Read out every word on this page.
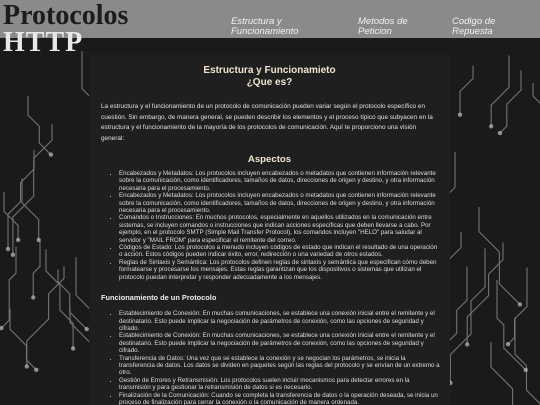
Protocolos
HTTP
Estructura y
Funcionamiento
Metodos de
Peticion
Codigo de
Repuesta
Estructura y Funcionamieto
¿Que es?

La estructura y el funcionamiento de un protocolo de comunicación pueden variar según el protocolo específico en cuestión. Sin embargo, de manera general, se pueden describir los elementos y el proceso típico que subyacen en la estructura y el funcionamiento de la mayoría de los protocolos de comunicación. Aquí te proporciono una visión general:

Aspectos
• Encabezados y Metadatos: Los protocolos incluyen encabezados o metadatos que contienen información relevante sobre la comunicación, como identificadores, tamaños de datos, direcciones de origen y destino, y otra información necesaria para el procesamiento.
• Encabezados y Metadatos: Los protocolos incluyen encabezados o metadatos que contienen información relevante sobre la comunicación, como identificadores, tamaños de datos, direcciones de origen y destino, y otra información necesaria para el procesamiento.
• Comandos o Instrucciones: En muchos protocolos, especialmente en aquellos utilizados en la comunicación entre sistemas, se incluyen comandos o instrucciones que indican acciones específicas que deben llevarse a cabo. Por ejemplo, en el protocolo SMTP (Simple Mail Transfer Protocol), los comandos incluyen "HELO" para saludar al servidor y "MAIL FROM" para especificar el remitente del correo.
• Códigos de Estado: Los protocolos a menudo incluyen códigos de estado que indican el resultado de una operación o acción. Estos códigos pueden indicar éxito, error, redirección o una variedad de otros estados.
• Reglas de Sintaxis y Semántica: Los protocolos definen reglas de sintaxis y semántica que especifican cómo deben formatearse y procesarse los mensajes. Estas reglas garantizan que los dispositivos o sistemas que utilizan el protocolo puedan interpretar y responder adecuadamente a los mensajes.
Funcionamiento de un Protocolo
• Establecimiento de Conexión: En muchas comunicaciones, se establece una conexión inicial entre el remitente y el destinatario. Esto puede implicar la negociación de parámetros de conexión, como las opciones de seguridad y cifrado.
• Establecimiento de Conexión: En muchas comunicaciones, se establece una conexión inicial entre el remitente y el destinatario. Esto puede implicar la negociación de parámetros de conexión, como las opciones de seguridad y cifrado.
• Transferencia de Datos: Una vez que se establece la conexión y se negocian los parámetros, se inicia la transferencia de datos. Los datos se dividen en paquetes según las reglas del protocolo y se envían de un extremo a otro.
• Gestión de Errores y Retransmisión: Los protocolos suelen incluir mecanismos para detectar errores en la transmisión y para gestionar la retransmisión de datos si es necesario.
• Finalización de la Comunicación: Cuando se completa la transferencia de datos o la operación deseada, se inicia un proceso de finalización para cerrar la conexión o la comunicación de manera ordenada.
